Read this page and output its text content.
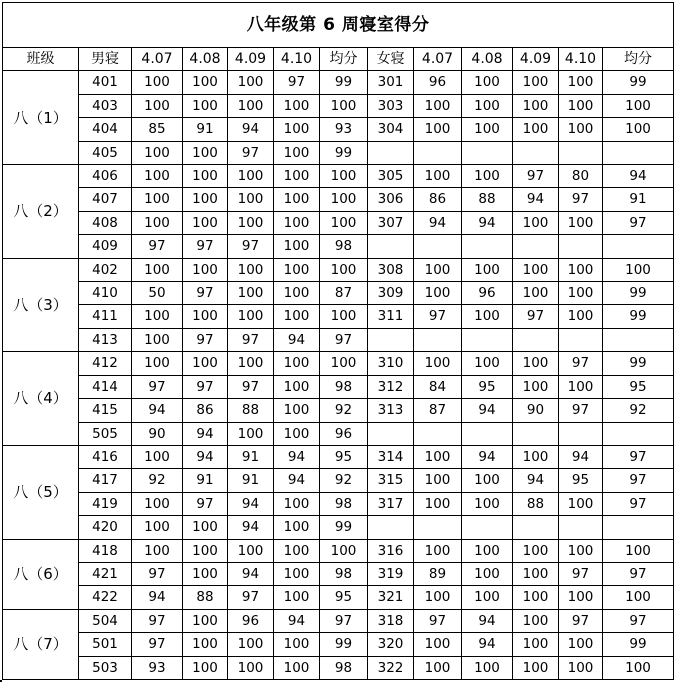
八年级第 6 周寝室得分												
班级	男寝	4.07	4.08	4.09	4.10	均分	女寝	4.07	4.08	4.09	4.10	均分
八（1）	401	100	100	100	97	99	301	96	100	100	100	99
	403	100	100	100	100	100	303	100	100	100	100	100
	404	85	91	94	100	93	304	100	100	100	100	100
	405	100	100	97	100	99						
八（2）	406	100	100	100	100	100	305	100	100	97	80	94
	407	100	100	100	100	100	306	86	88	94	97	91
	408	100	100	100	100	100	307	94	94	100	100	97
	409	97	97	97	100	98						
八（3）	402	100	100	100	100	100	308	100	100	100	100	100
	410	50	97	100	100	87	309	100	96	100	100	99
	411	100	100	100	100	100	311	97	100	97	100	99
	413	100	97	97	94	97						
八（4）	412	100	100	100	100	100	310	100	100	100	97	99
	414	97	97	97	100	98	312	84	95	100	100	95
	415	94	86	88	100	92	313	87	94	90	97	92
	505	90	94	100	100	96						
八（5）	416	100	94	91	94	95	314	100	94	100	94	97
	417	92	91	91	94	92	315	100	100	94	95	97
	419	100	97	94	100	98	317	100	100	88	100	97
	420	100	100	94	100	99						
八（6）	418	100	100	100	100	100	316	100	100	100	100	100
	421	97	100	94	100	98	319	89	100	100	97	97
	422	94	88	97	100	95	321	100	100	100	100	100
八（7）	504	97	100	96	94	97	318	97	94	100	97	97
	501	97	100	100	100	99	320	100	94	100	100	99
	503	93	100	100	100	98	322	100	100	100	100	100
